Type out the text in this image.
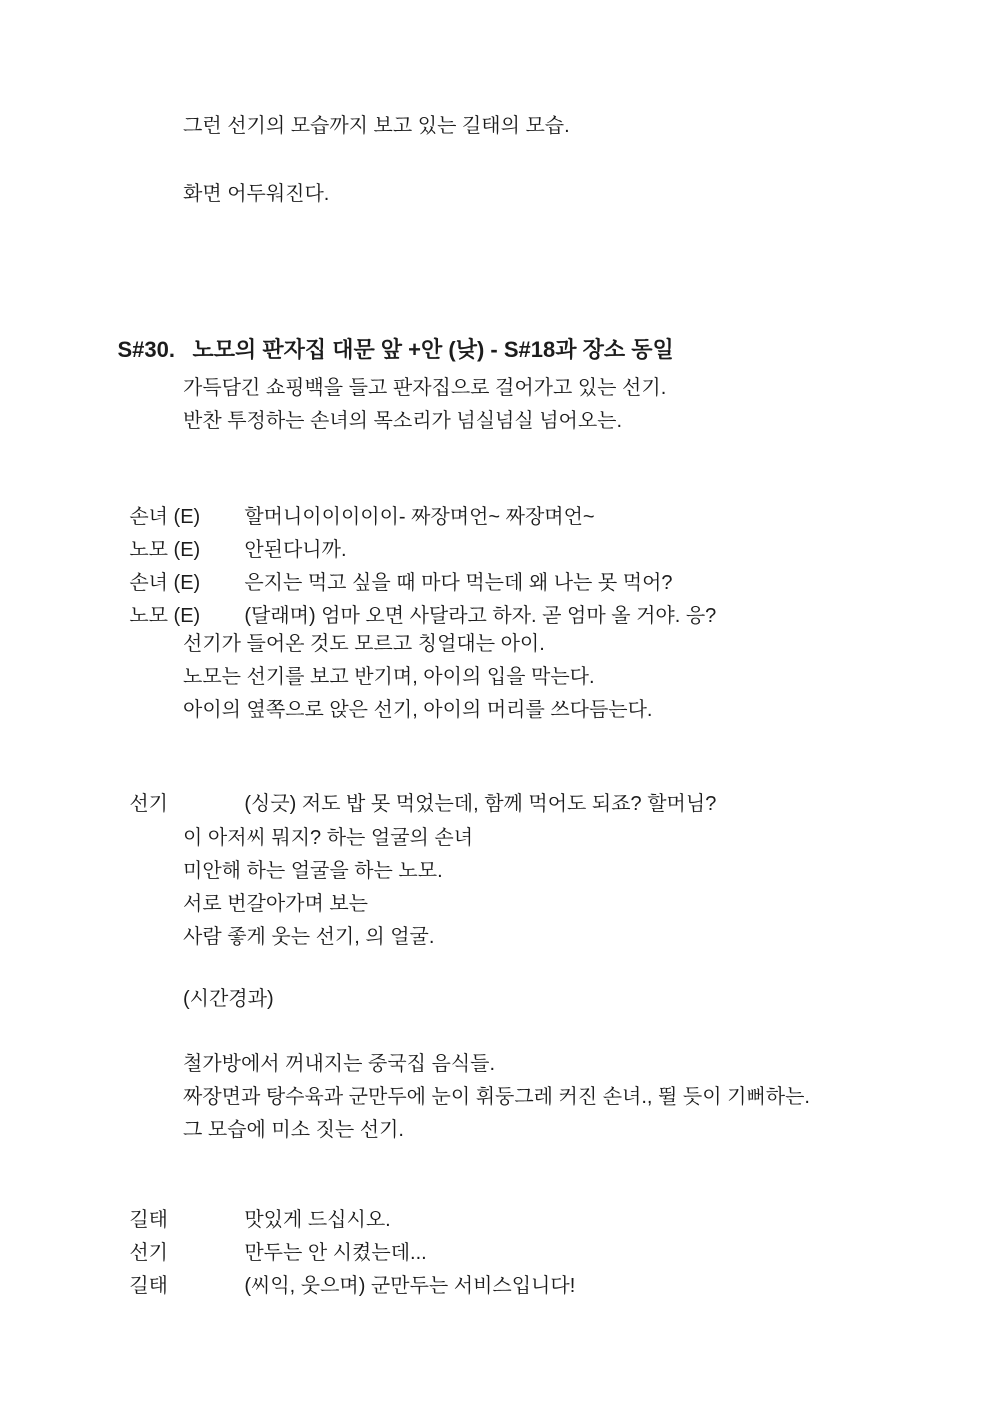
그런 선기의 모습까지 보고 있는 길태의 모습.
화면 어두워진다.

S#30. 노모의 판자집 대문 앞 +안 (낮) - S#18과 장소 동일

가득담긴 쇼핑백을 들고 판자집으로 걸어가고 있는 선기.
반찬 투정하는 손녀의 목소리가 넘실넘실 넘어오는.

손녀 (E) 할머니이이이이이- 짜장며언~ 짜장며언~

노모 (E) 안된다니까.

손녀 (E) 은지는 먹고 싶을 때 마다 먹는데 왜 나는 못 먹어?

노모 (E) (달래며) 엄마 오면 사달라고 하자. 곧 엄마 올 거야. 응?

선기가 들어온 것도 모르고 칭얼대는 아이.
노모는 선기를 보고 반기며, 아이의 입을 막는다.
아이의 옆쪽으로 앉은 선기, 아이의 머리를 쓰다듬는다.

선기	(싱긋) 저도 밥 못 먹었는데, 함께 먹어도 되죠? 할머님?

이 아저씨 뭐지? 하는 얼굴의 손녀
미안해 하는 얼굴을 하는 노모.
서로 번갈아가며 보는
사람 좋게 웃는 선기, 의 얼굴.
(시간경과)
철가방에서 꺼내지는 중국집 음식들.
짜장면과 탕수육과 군만두에 눈이 휘둥그레 커진 손녀., 뛸 듯이 기뻐하는.
그 모습에 미소 짓는 선기.

길태	맛있게 드십시오.

선기	만두는 안 시켰는데...

길태	(씨익, 웃으며) 군만두는 서비스입니다!
